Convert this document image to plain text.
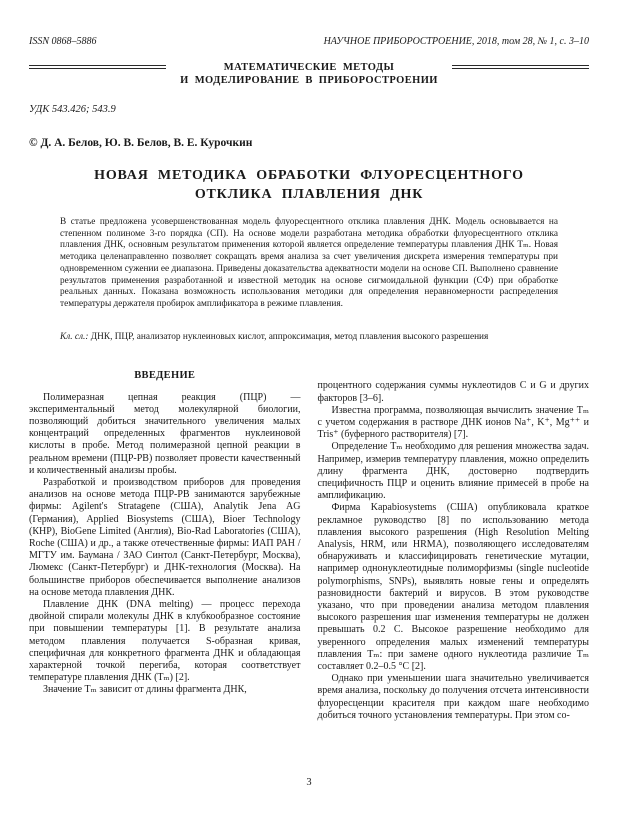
ISSN 0868–5886	НАУЧНОЕ ПРИБОРОСТРОЕНИЕ, 2018, том 28, № 1, c. 3–10
МАТЕМАТИЧЕСКИЕ МЕТОДЫ
И МОДЕЛИРОВАНИЕ В ПРИБОРОСТРОЕНИИ
УДК 543.426; 543.9
© Д. А. Белов, Ю. В. Белов, В. Е. Курочкин
НОВАЯ МЕТОДИКА ОБРАБОТКИ ФЛУОРЕСЦЕНТНОГО
ОТКЛИКА ПЛАВЛЕНИЯ ДНК
В статье предложена усовершенствованная модель флуоресцентного отклика плавления ДНК. Модель основывается на степенном полиноме 3-го порядка (СП). На основе модели разработана методика обработки флуоресцентного отклика плавления ДНК, основным результатом применения которой является определение температуры плавления ДНК Tₘ. Новая методика целенаправленно позволяет сокращать время анализа за счет увеличения дискрета измерения температуры при одновременном сужении ее диапазона. Приведены доказательства адекватности модели на основе СП. Выполнено сравнение результатов применения разработанной и известной методик на основе сигмоидальной функции (СФ) при обработке реальных данных. Показана возможность использования методики для определения неравномерности распределения температуры держателя пробирок амплификатора в режиме плавления.
Кл. сл.: ДНК, ПЦР, анализатор нуклеиновых кислот, аппроксимация, метод плавления высокого разрешения
ВВЕДЕНИЕ

Полимеразная цепная реакция (ПЦР) — экспериментальный метод молекулярной биологии, позволяющий добиться значительного увеличения малых концентраций определенных фрагментов нуклеиновой кислоты в пробе. Метод полимеразной цепной реакции в реальном времени (ПЦР-РВ) позволяет провести качественный и количественный анализы пробы.

Разработкой и производством приборов для проведения анализов на основе метода ПЦР-РВ занимаются зарубежные фирмы: Agilent's Stratagene (США), Analytik Jena AG (Германия), Applied Biosystems (США), Bioer Technology (КНР), BioGene Limited (Англия), Bio-Rad Laboratories (США), Roche (США) и др., а также отечественные фирмы: ИАП РАН / МГТУ им. Баумана / ЗАО Синтол (Санкт-Петербург, Москва), Люмекс (Санкт-Петербург) и ДНК-технология (Москва). На большинстве приборов обеспечивается выполнение анализов на основе метода плавления ДНК.

Плавление ДНК (DNA melting) — процесс перехода двойной спирали молекулы ДНК в клубкообразное состояние при повышении температуры [1]. В результате анализа методом плавления получается S-образная кривая, специфичная для конкретного фрагмента ДНК и обладающая характерной точкой перегиба, которая соответствует температуре плавления ДНК (Tₘ) [2].

Значение Tₘ зависит от длины фрагмента ДНК,

процентного содержания суммы нуклеотидов C и G и других факторов [3–6].

Известна программа, позволяющая вычислить значение Tₘ с учетом содержания в растворе ДНК ионов Na⁺, K⁺, Mg⁺⁺ и Tris⁺ (буферного растворителя) [7].

Определение Tₘ необходимо для решения множества задач. Например, измерив температуру плавления, можно определить длину фрагмента ДНК, достоверно подтвердить специфичность ПЦР и оценить влияние примесей в пробе на амплификацию.

Фирма Kapabiosystems (США) опубликовала краткое рекламное руководство [8] по использованию метода плавления высокого разрешения (High Resolution Melting Analysis, HRM, или HRMA), позволяющего исследователям обнаруживать и классифицировать генетические мутации, например однонуклеотидные полиморфизмы (single nucleotide polymorphisms, SNPs), выявлять новые гены и определять разновидности бактерий и вирусов. В этом руководстве указано, что при проведении анализа методом плавления высокого разрешения шаг изменения температуры не должен превышать 0.2 C. Высокое разрешение необходимо для уверенного определения малых изменений температуры плавления Tₘ: при замене одного нуклеотида различие Tₘ составляет 0.2–0.5 °C [2].

Однако при уменьшении шага значительно увеличивается время анализа, поскольку до получения отсчета интенсивности флуоресценции красителя при каждом шаге необходимо добиться точного установления температуры. При этом со-

3
